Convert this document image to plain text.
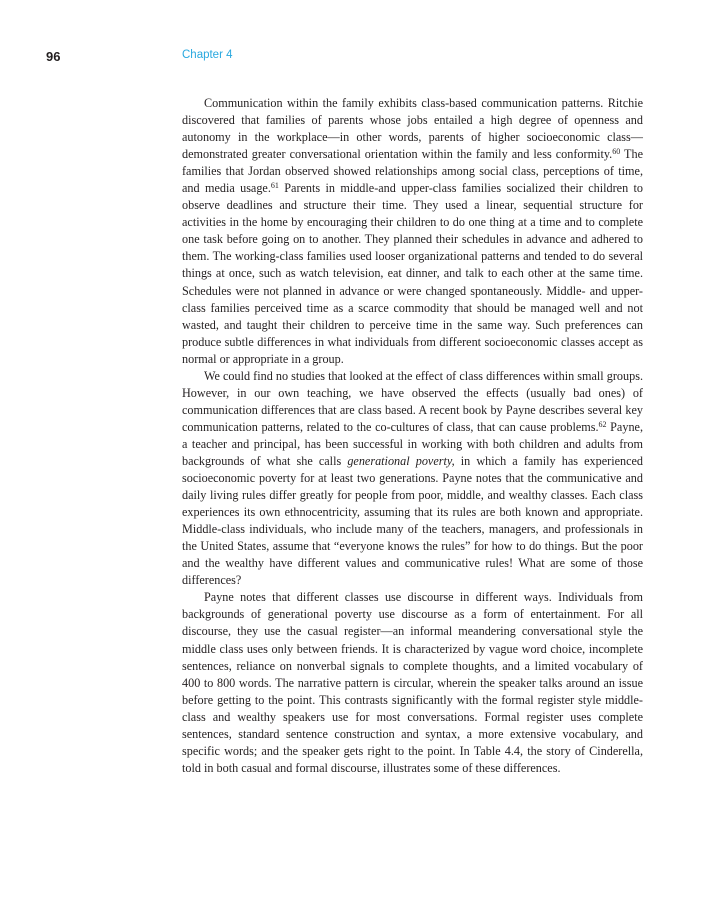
96	Chapter 4

Communication within the family exhibits class-based communication patterns. Ritchie discovered that families of parents whose jobs entailed a high degree of openness and autonomy in the workplace—in other words, parents of higher socioeconomic class—demonstrated greater conversational orientation within the family and less conformity.$^{60}$ The families that Jordan observed showed relationships among social class, perceptions of time, and media usage.$^{61}$ Parents in middle-and upper-class families socialized their children to observe deadlines and structure their time. They used a linear, sequential structure for activities in the home by encouraging their children to do one thing at a time and to complete one task before going on to another. They planned their schedules in advance and adhered to them. The working-class families used looser organizational patterns and tended to do several things at once, such as watch television, eat dinner, and talk to each other at the same time. Schedules were not planned in advance or were changed spontaneously. Middle- and upper-class families perceived time as a scarce commodity that should be managed well and not wasted, and taught their children to perceive time in the same way. Such preferences can produce subtle differences in what individuals from different socioeconomic classes accept as normal or appropriate in a group.

We could find no studies that looked at the effect of class differences within small groups. However, in our own teaching, we have observed the effects (usually bad ones) of communication differences that are class based. A recent book by Payne describes several key communication patterns, related to the co-cultures of class, that can cause problems.$^{62}$ Payne, a teacher and principal, has been successful in working with both children and adults from backgrounds of what she calls generational poverty, in which a family has experienced socioeconomic poverty for at least two generations. Payne notes that the communicative and daily living rules differ greatly for people from poor, middle, and wealthy classes. Each class experiences its own ethnocentricity, assuming that its rules are both known and appropriate. Middle-class individuals, who include many of the teachers, managers, and professionals in the United States, assume that “everyone knows the rules” for how to do things. But the poor and the wealthy have different values and communicative rules! What are some of those differences?

Payne notes that different classes use discourse in different ways. Individuals from backgrounds of generational poverty use discourse as a form of entertainment. For all discourse, they use the casual register—an informal meandering conversational style the middle class uses only between friends. It is characterized by vague word choice, incomplete sentences, reliance on nonverbal signals to complete thoughts, and a limited vocabulary of 400 to 800 words. The narrative pattern is circular, wherein the speaker talks around an issue before getting to the point. This contrasts significantly with the formal register style middle-class and wealthy speakers use for most conversations. Formal register uses complete sentences, standard sentence construction and syntax, a more extensive vocabulary, and specific words; and the speaker gets right to the point. In Table 4.4, the story of Cinderella, told in both casual and formal discourse, illustrates some of these differences.
